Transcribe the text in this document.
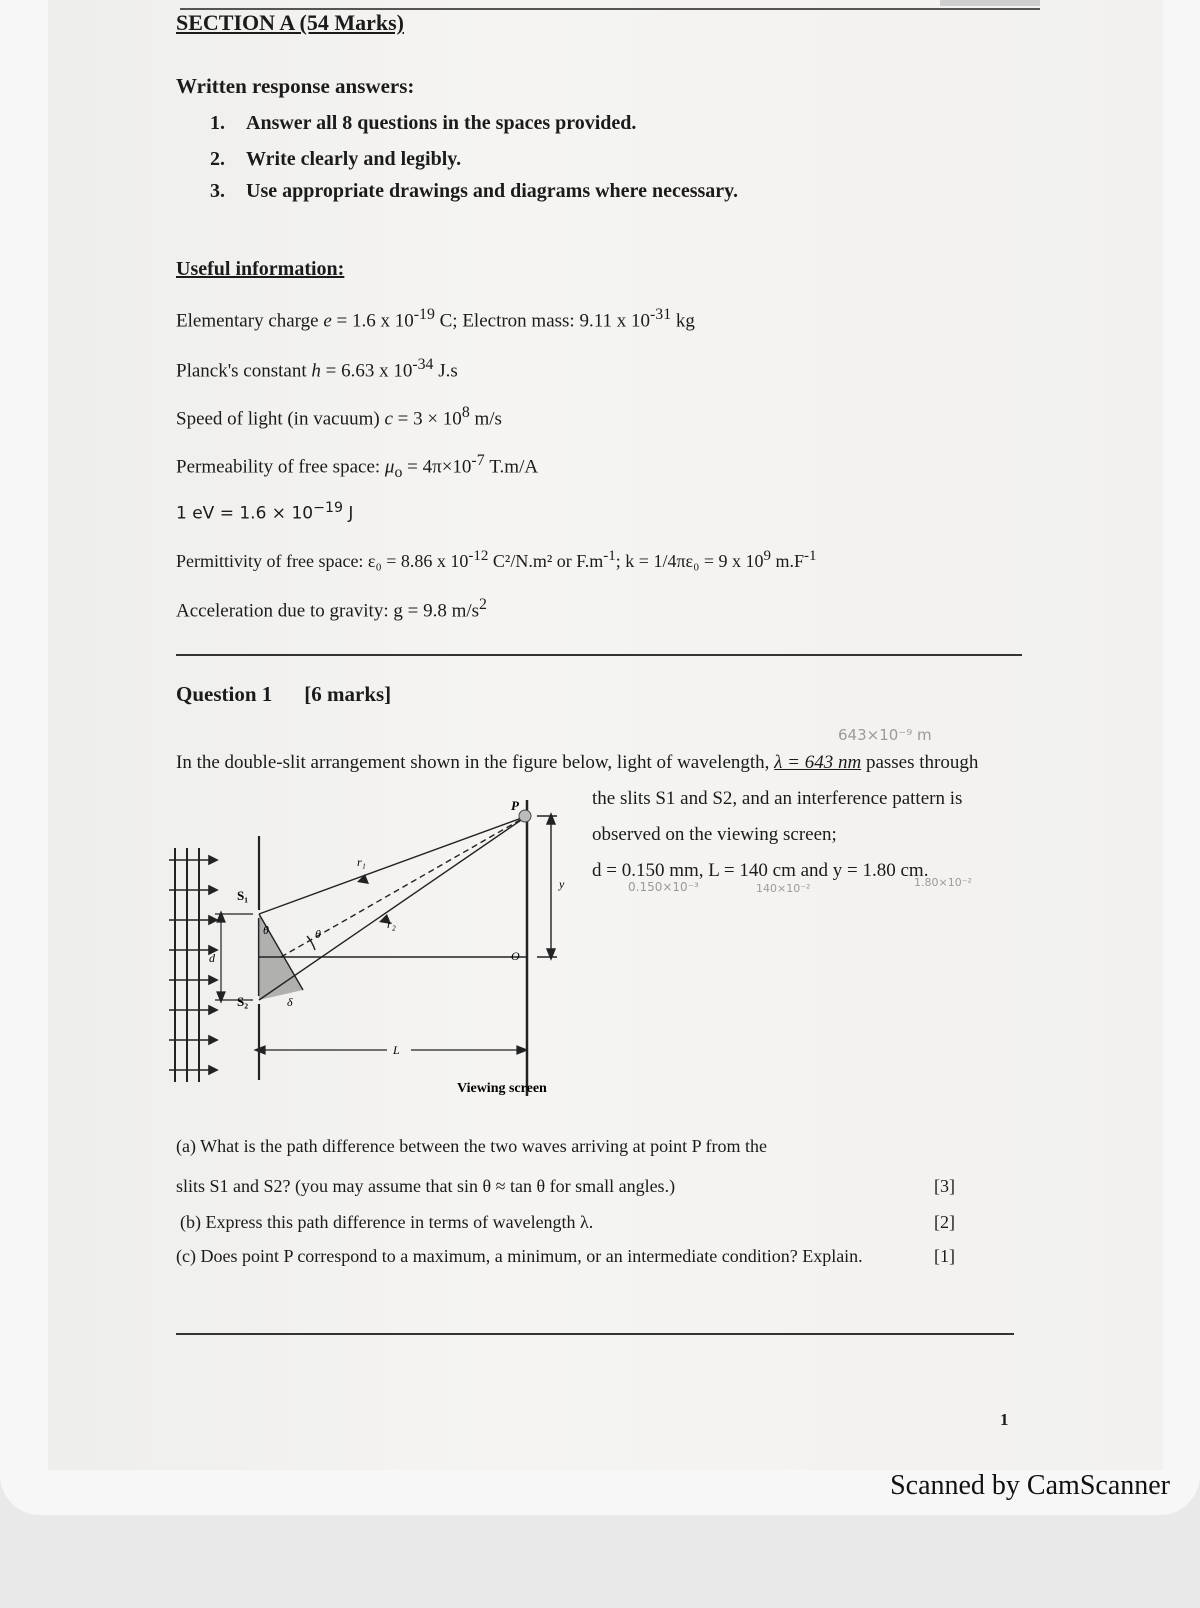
SECTION A (54 Marks)
Written response answers:
1. Answer all 8 questions in the spaces provided.
2. Write clearly and legibly.
3. Use appropriate drawings and diagrams where necessary.
Useful information:
Elementary charge e = 1.6 x $10^{-19}$ C; Electron mass: 9.11 x $10^{-31}$ kg
Planck's constant h = 6.63 x $10^{-34}$ J.s
Speed of light (in vacuum) $c = 3 \times 10^8$ m/s
Permeability of free space: $\mu_o = 4\pi\times 10^{-7}$ T.m/A
1 eV = $1.6 \times 10^{-19}$ J
Permittivity of free space: ε₀ = 8.86 x $10^{-12}$ C²/N.m² or $F.m^{-1}$; k = 1/4πε₀ = 9 x $10^9$ $m.F^{-1}$
Acceleration due to gravity: g = 9.8 $m/s^2$
Question 1 [6 marks]
643×10⁻⁹ m
In the double-slit arrangement shown in the figure below, light of wavelength, λ = 643 nm passes through
the slits S1 and S2, and an interference pattern is
observed on the viewing screen;
d = 0.150 mm, L = 140 cm and y = 1.80 cm.
0.150×10⁻³	140×10⁻²	1.80×10⁻²
P
r₁
r₂
S₁
S₂
d
θ	θ
δ
O
y
L
Viewing screen
(a) What is the path difference between the two waves arriving at point P from the
slits S1 and S2? (you may assume that sin θ ≈ tan θ for small angles.)	[3]
(b) Express this path difference in terms of wavelength λ.	[2]
(c) Does point P correspond to a maximum, a minimum, or an intermediate condition? Explain.	[1]
1
Scanned by CamScanner
